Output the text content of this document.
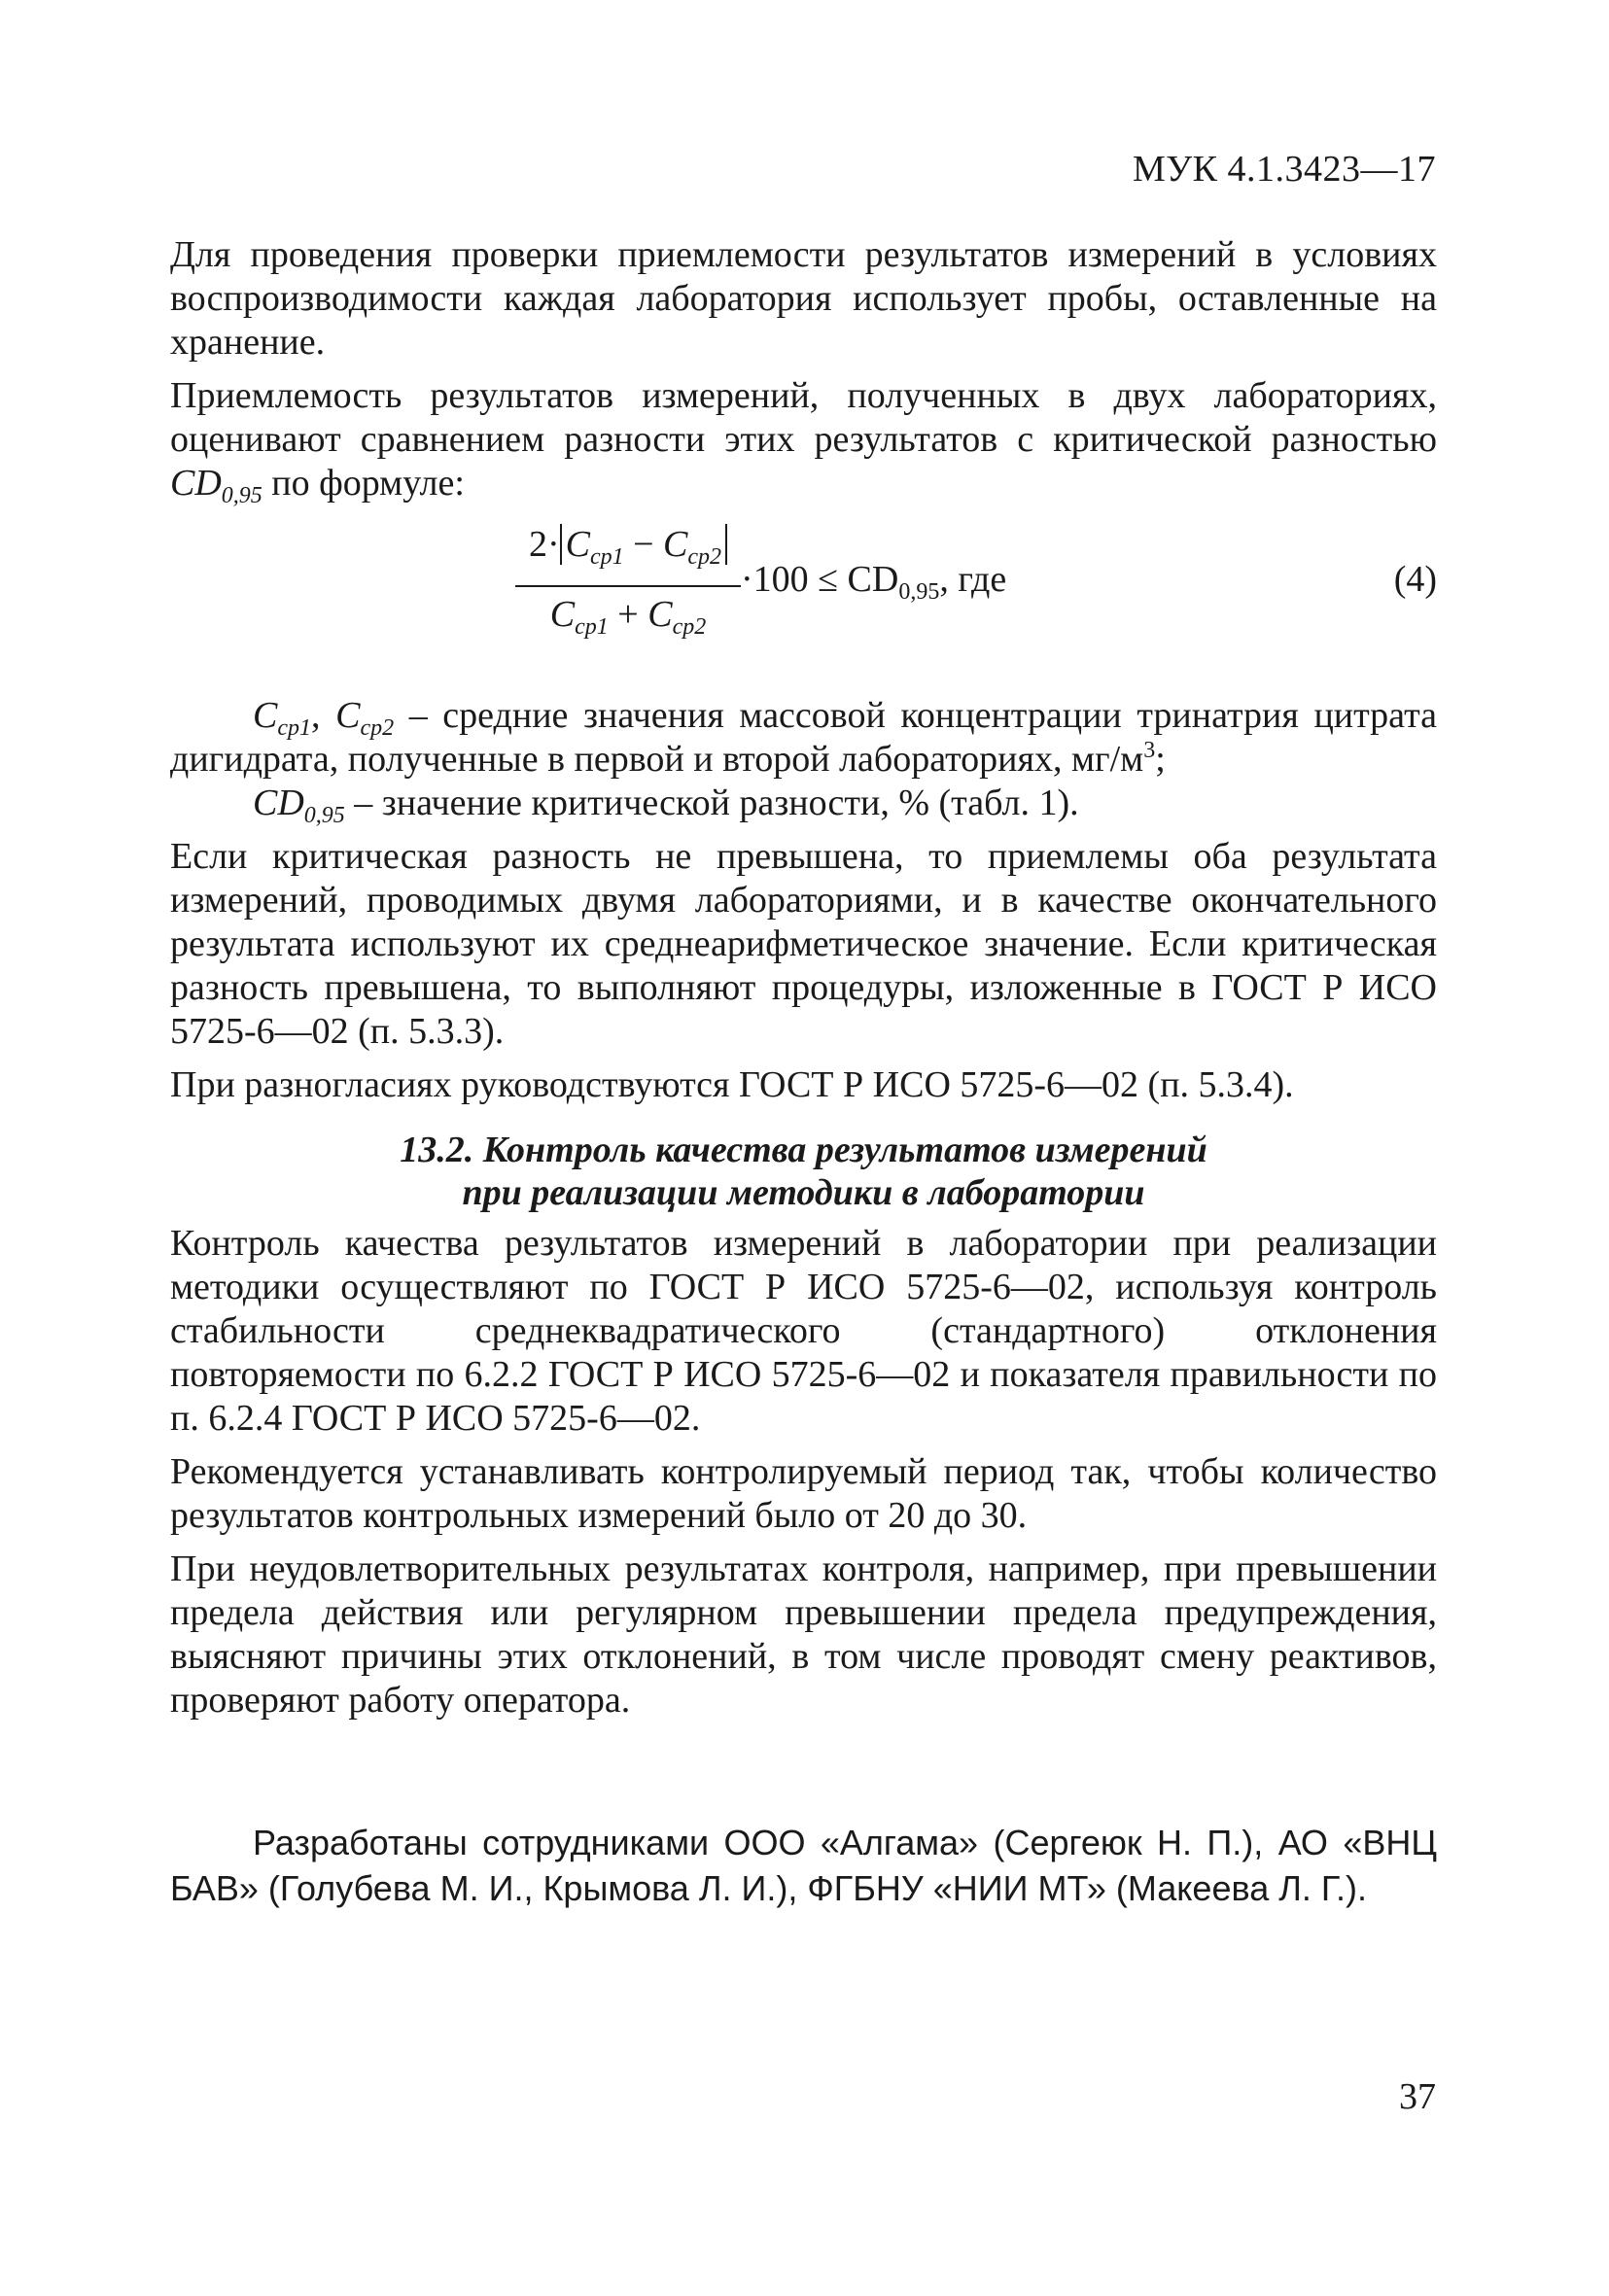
МУК 4.1.3423—17

Для проведения проверки приемлемости результатов измерений в условиях воспроизводимости каждая лаборатория использует пробы, оставленные на хранение.

Приемлемость результатов измерений, полученных в двух лабораториях, оценивают сравнением разности этих результатов с критической разностью $CD_{0,95}$ по формуле:

$2\cdot C_{ср1} - C_{ср2}$
$C_{ср1} + C_{ср2}$
$\cdot 100 \le CD_{0,95}$, где	(4)

$C_{cp1}$, $C_{cp2}$ – средние значения массовой концентрации тринатрия цитрата дигидрата, полученные в первой и второй лабораториях, $мг/м^3$;

$CD_{0,95}$ – значение критической разности, % (табл. 1).

Если критическая разность не превышена, то приемлемы оба результата измерений, проводимых двумя лабораториями, и в качестве окончательного результата используют их среднеарифметическое значение. Если критическая разность превышена, то выполняют процедуры, изложенные в ГОСТ Р ИСО 5725-6—02 (п. 5.3.3).

При разногласиях руководствуются ГОСТ Р ИСО 5725-6—02 (п. 5.3.4).

13.2. Контроль качества результатов измерений
при реализации методики в лаборатории

Контроль качества результатов измерений в лаборатории при реализации методики осуществляют по ГОСТ Р ИСО 5725-6—02, используя контроль стабильности среднеквадратического (стандартного) отклонения повторяемости по 6.2.2 ГОСТ Р ИСО 5725-6—02 и показателя правильности по п. 6.2.4 ГОСТ Р ИСО 5725-6—02.

Рекомендуется устанавливать контролируемый период так, чтобы количество результатов контрольных измерений было от 20 до 30.

При неудовлетворительных результатах контроля, например, при превышении предела действия или регулярном превышении предела предупреждения, выясняют причины этих отклонений, в том числе проводят смену реактивов, проверяют работу оператора.

Разработаны сотрудниками ООО «Алгама» (Сергеюк Н. П.), АО «ВНЦ БАВ» (Голубева М. И., Крымова Л. И.), ФГБНУ «НИИ МТ» (Макеева Л. Г.).

37
